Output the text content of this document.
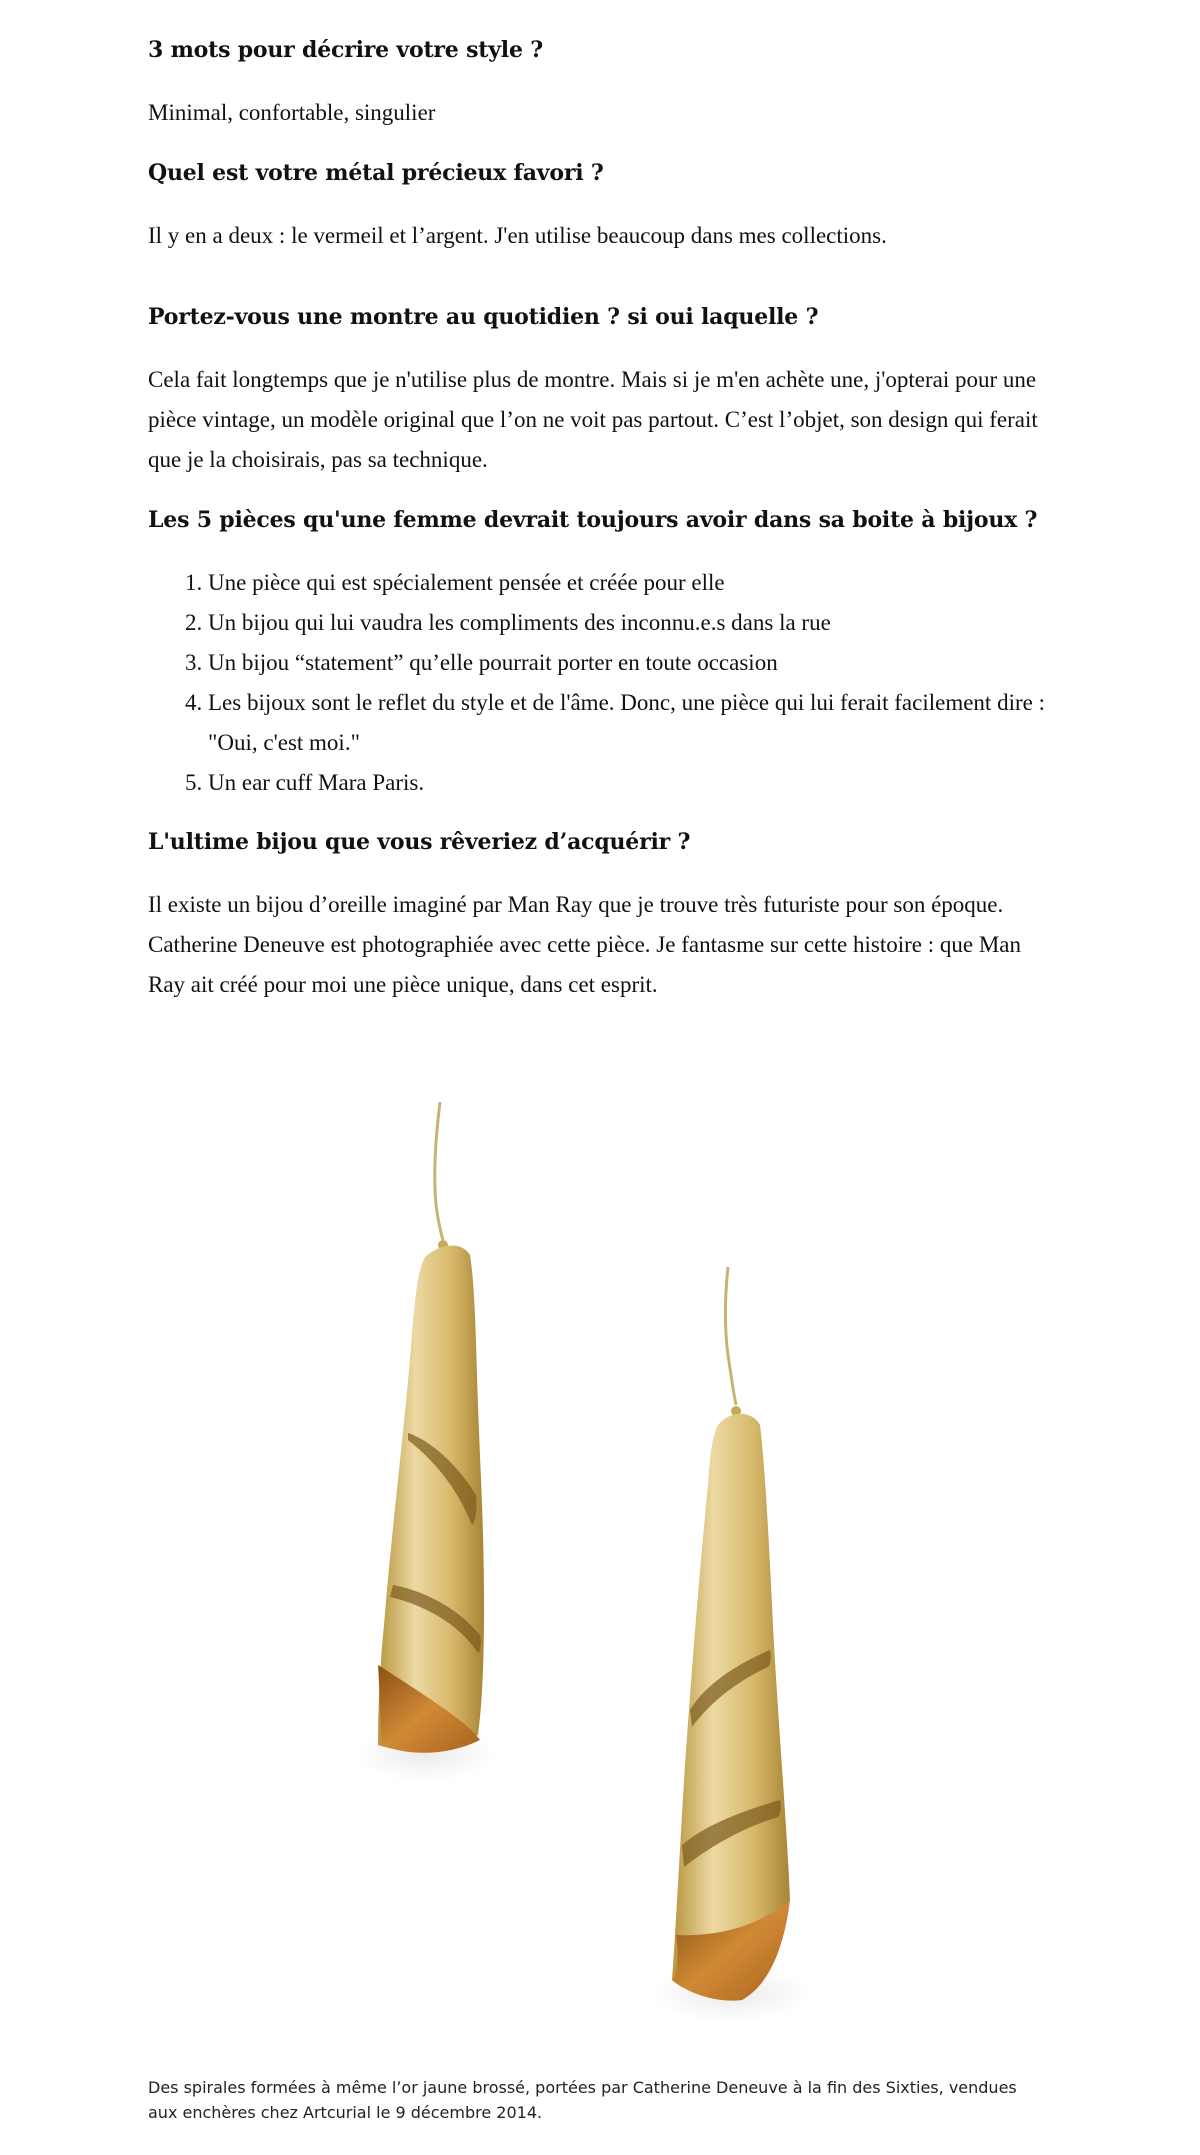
3 mots pour décrire votre style ?

Minimal, confortable, singulier

Quel est votre métal précieux favori ?

Il y en a deux : le vermeil et l’argent. J'en utilise beaucoup dans mes collections.

Portez-vous une montre au quotidien ? si oui laquelle ?

Cela fait longtemps que je n'utilise plus de montre. Mais si je m'en achète une, j'opterai pour une pièce vintage, un modèle original que l’on ne voit pas partout. C’est l’objet, son design qui ferait que je la choisirais, pas sa technique.

Les 5 pièces qu'une femme devrait toujours avoir dans sa boite à bijoux ?
1. Une pièce qui est spécialement pensée et créée pour elle
2. Un bijou qui lui vaudra les compliments des inconnu.e.s dans la rue
3. Un bijou “statement” qu’elle pourrait porter en toute occasion
4. Les bijoux sont le reflet du style et de l'âme. Donc, une pièce qui lui ferait facilement dire : "Oui, c'est moi."
5. Un ear cuff Mara Paris.
L'ultime bijou que vous rêveriez d’acquérir ?

Il existe un bijou d’oreille imaginé par Man Ray que je trouve très futuriste pour son époque. Catherine Deneuve est photographiée avec cette pièce. Je fantasme sur cette histoire : que Man Ray ait créé pour moi une pièce unique, dans cet esprit.

Des spirales formées à même l’or jaune brossé, portées par Catherine Deneuve à la fin des Sixties, vendues aux enchères chez Artcurial le 9 décembre 2014.
